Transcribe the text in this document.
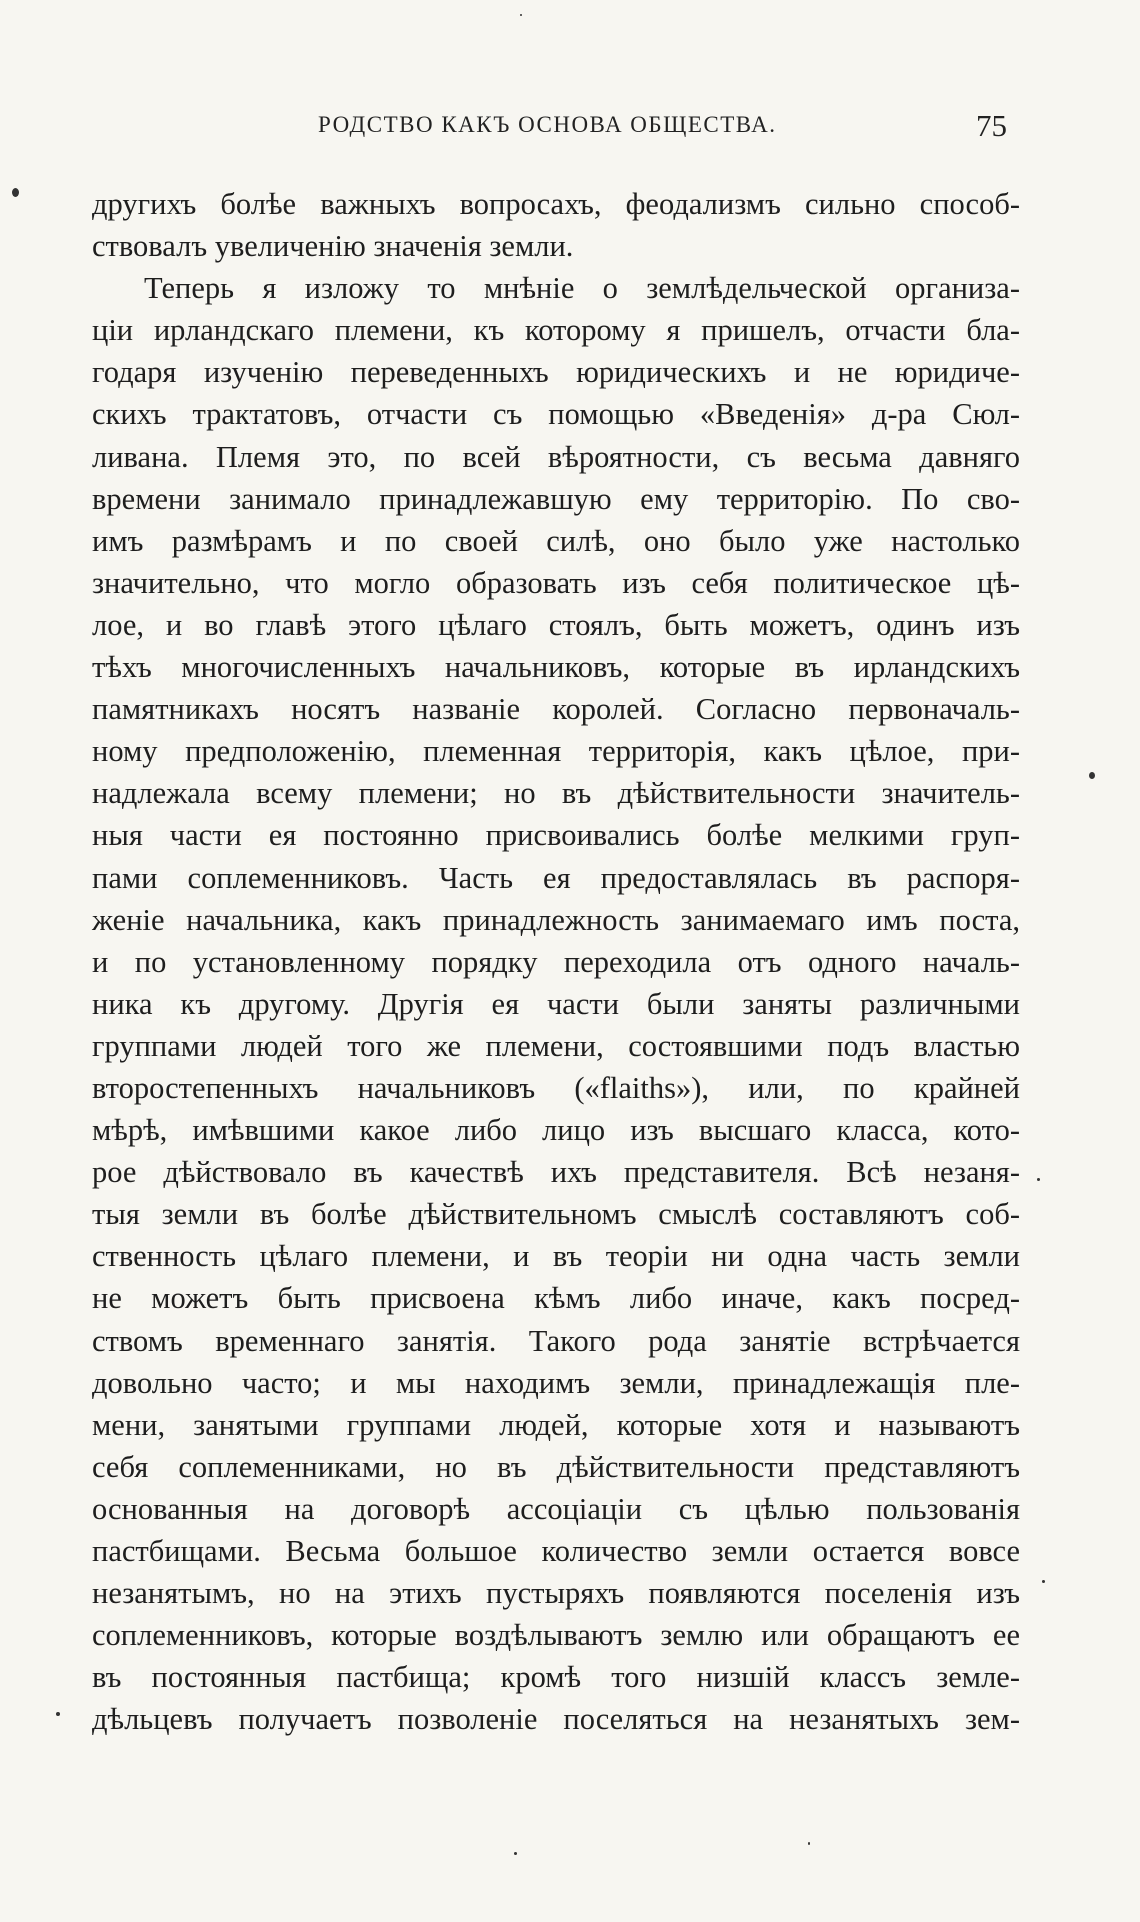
РОДСТВО КАКЪ ОСНОВА ОБЩЕСТВА.	75
другихъ болѣе важныхъ вопросахъ, феодализмъ сильно способ-
ствовалъ увеличенію значенія земли.
Теперь я изложу то мнѣніе о землѣдельческой организа-
ціи ирландскаго племени, къ которому я пришелъ, отчасти бла-
годаря изученію переведенныхъ юридическихъ и не юридиче-
скихъ трактатовъ, отчасти съ помощью «Введенія» д-ра Сюл-
ливана. Племя это, по всей вѣроятности, съ весьма давняго
времени занимало принадлежавшую ему территорію. По сво-
имъ размѣрамъ и по своей силѣ, оно было уже настолько
значительно, что могло образовать изъ себя политическое цѣ-
лое, и во главѣ этого цѣлаго стоялъ, быть можетъ, одинъ изъ
тѣхъ многочисленныхъ начальниковъ, которые въ ирландскихъ
памятникахъ носятъ названіе королей. Согласно первоначаль-
ному предположенію, племенная территорія, какъ цѣлое, при-
надлежала всему племени; но въ дѣйствительности значитель-
ныя части ея постоянно присвоивались болѣе мелкими груп-
пами соплеменниковъ. Часть ея предоставлялась въ распоря-
женіе начальника, какъ принадлежность занимаемаго имъ поста,
и по установленному порядку переходила отъ одного началь-
ника къ другому. Другія ея части были заняты различными
группами людей того же племени, состоявшими подъ властью
второстепенныхъ начальниковъ («flaiths»), или, по крайней
мѣрѣ, имѣвшими какое либо лицо изъ высшаго класса, кото-
рое дѣйствовало въ качествѣ ихъ представителя. Всѣ незаня-
тыя земли въ болѣе дѣйствительномъ смыслѣ составляютъ соб-
ственность цѣлаго племени, и въ теоріи ни одна часть земли
не можетъ быть присвоена кѣмъ либо иначе, какъ посред-
ствомъ временнаго занятія. Такого рода занятіе встрѣчается
довольно часто; и мы находимъ земли, принадлежащія пле-
мени, занятыми группами людей, которые хотя и называютъ
себя соплеменниками, но въ дѣйствительности представляютъ
основанныя на договорѣ ассоціаціи съ цѣлью пользованія
пастбищами. Весьма большое количество земли остается вовсе
незанятымъ, но на этихъ пустыряхъ появляются поселенія изъ
соплеменниковъ, которые воздѣлываютъ землю или обращаютъ ее
въ постоянныя пастбища; кромѣ того низшій классъ землe-
дѣльцевъ получаетъ позволеніе поселяться на незанятыхъ зем-
